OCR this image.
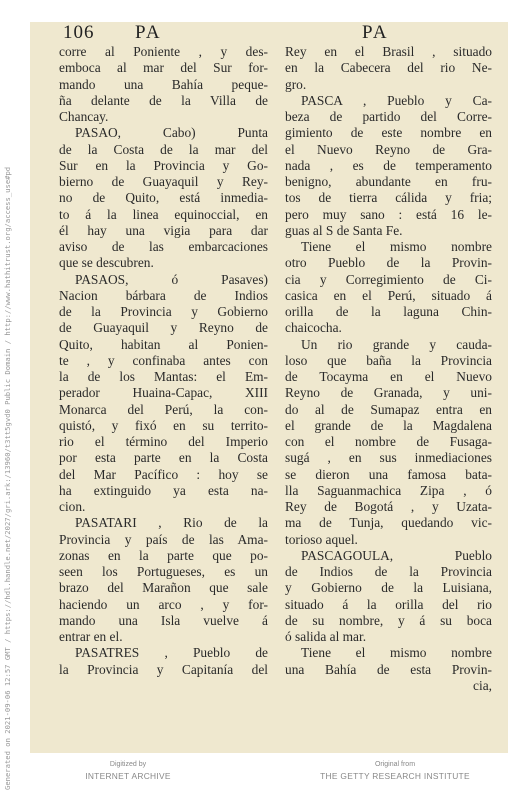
106 PA	PA
corre al Poniente , y des-
emboca al mar del Sur for-
mando una Bahía peque-
ña delante de la Villa de
Chancay.
PASAO, Cabo) Punta
de la Costa de la mar del
Sur en la Provincia y Go-
bierno de Guayaquil y Rey-
no de Quito, está inmedia-
to á la linea equinoccial, en
él hay una vigia para dar
aviso de las embarcaciones
que se descubren.
PASAOS, ó Pasaves)
Nacion bárbara de Indios
de la Provincia y Gobierno
de Guayaquil y Reyno de
Quito, habitan al Ponien-
te , y confinaba antes con
la de los Mantas: el Em-
perador Huaina-Capac, XIII
Monarca del Perú, la con-
quistó, y fixó en su territo-
rio el término del Imperio
por esta parte en la Costa
del Mar Pacífico : hoy se
ha extinguido ya esta na-
cion.
PASATARI , Rio de la
Provincia y país de las Ama-
zonas en la parte que po-
seen los Portugueses, es un
brazo del Marañon que sale
haciendo un arco , y for-
mando una Isla vuelve á
entrar en el.
PASATRES , Pueblo de
la Provincia y Capitanía del
Rey en el Brasil , situado
en la Cabecera del rio Ne-
gro.
PASCA , Pueblo y Ca-
beza de partido del Corre-
gimiento de este nombre en
el Nuevo Reyno de Gra-
nada , es de temperamento
benigno, abundante en fru-
tos de tierra cálida y fria;
pero muy sano : está 16 le-
guas al S de Santa Fe.
Tiene el mismo nombre
otro Pueblo de la Provin-
cia y Corregimiento de Ci-
casica en el Perú, situado á
orilla de la laguna Chin-
chaicocha.
Un rio grande y cauda-
loso que baña la Provincia
de Tocayma en el Nuevo
Reyno de Granada, y uni-
do al de Sumapaz entra en
el grande de la Magdalena
con el nombre de Fusaga-
sugá , en sus inmediaciones
se dieron una famosa bata-
lla Saguanmachica Zipa , ó
Rey de Bogotá , y Uzata-
ma de Tunja, quedando vic-
torioso aquel.
PASCAGOULA, Pueblo
de Indios de la Provincia
y Gobierno de la Luisiana,
situado á la orilla del rio
de su nombre, y á su boca
ó salida al mar.
Tiene el mismo nombre
una Bahía de esta Provin-
cia,
Generated on 2021-09-06 12:57 GMT / https://hdl.handle.net/2027/gri.ark:/13960/t3tt5gvd0 Public Domain / http://www.hathitrust.org/access_use#pd	Digitized by
INTERNET ARCHIVE
Original from
THE GETTY RESEARCH INSTITUTE
